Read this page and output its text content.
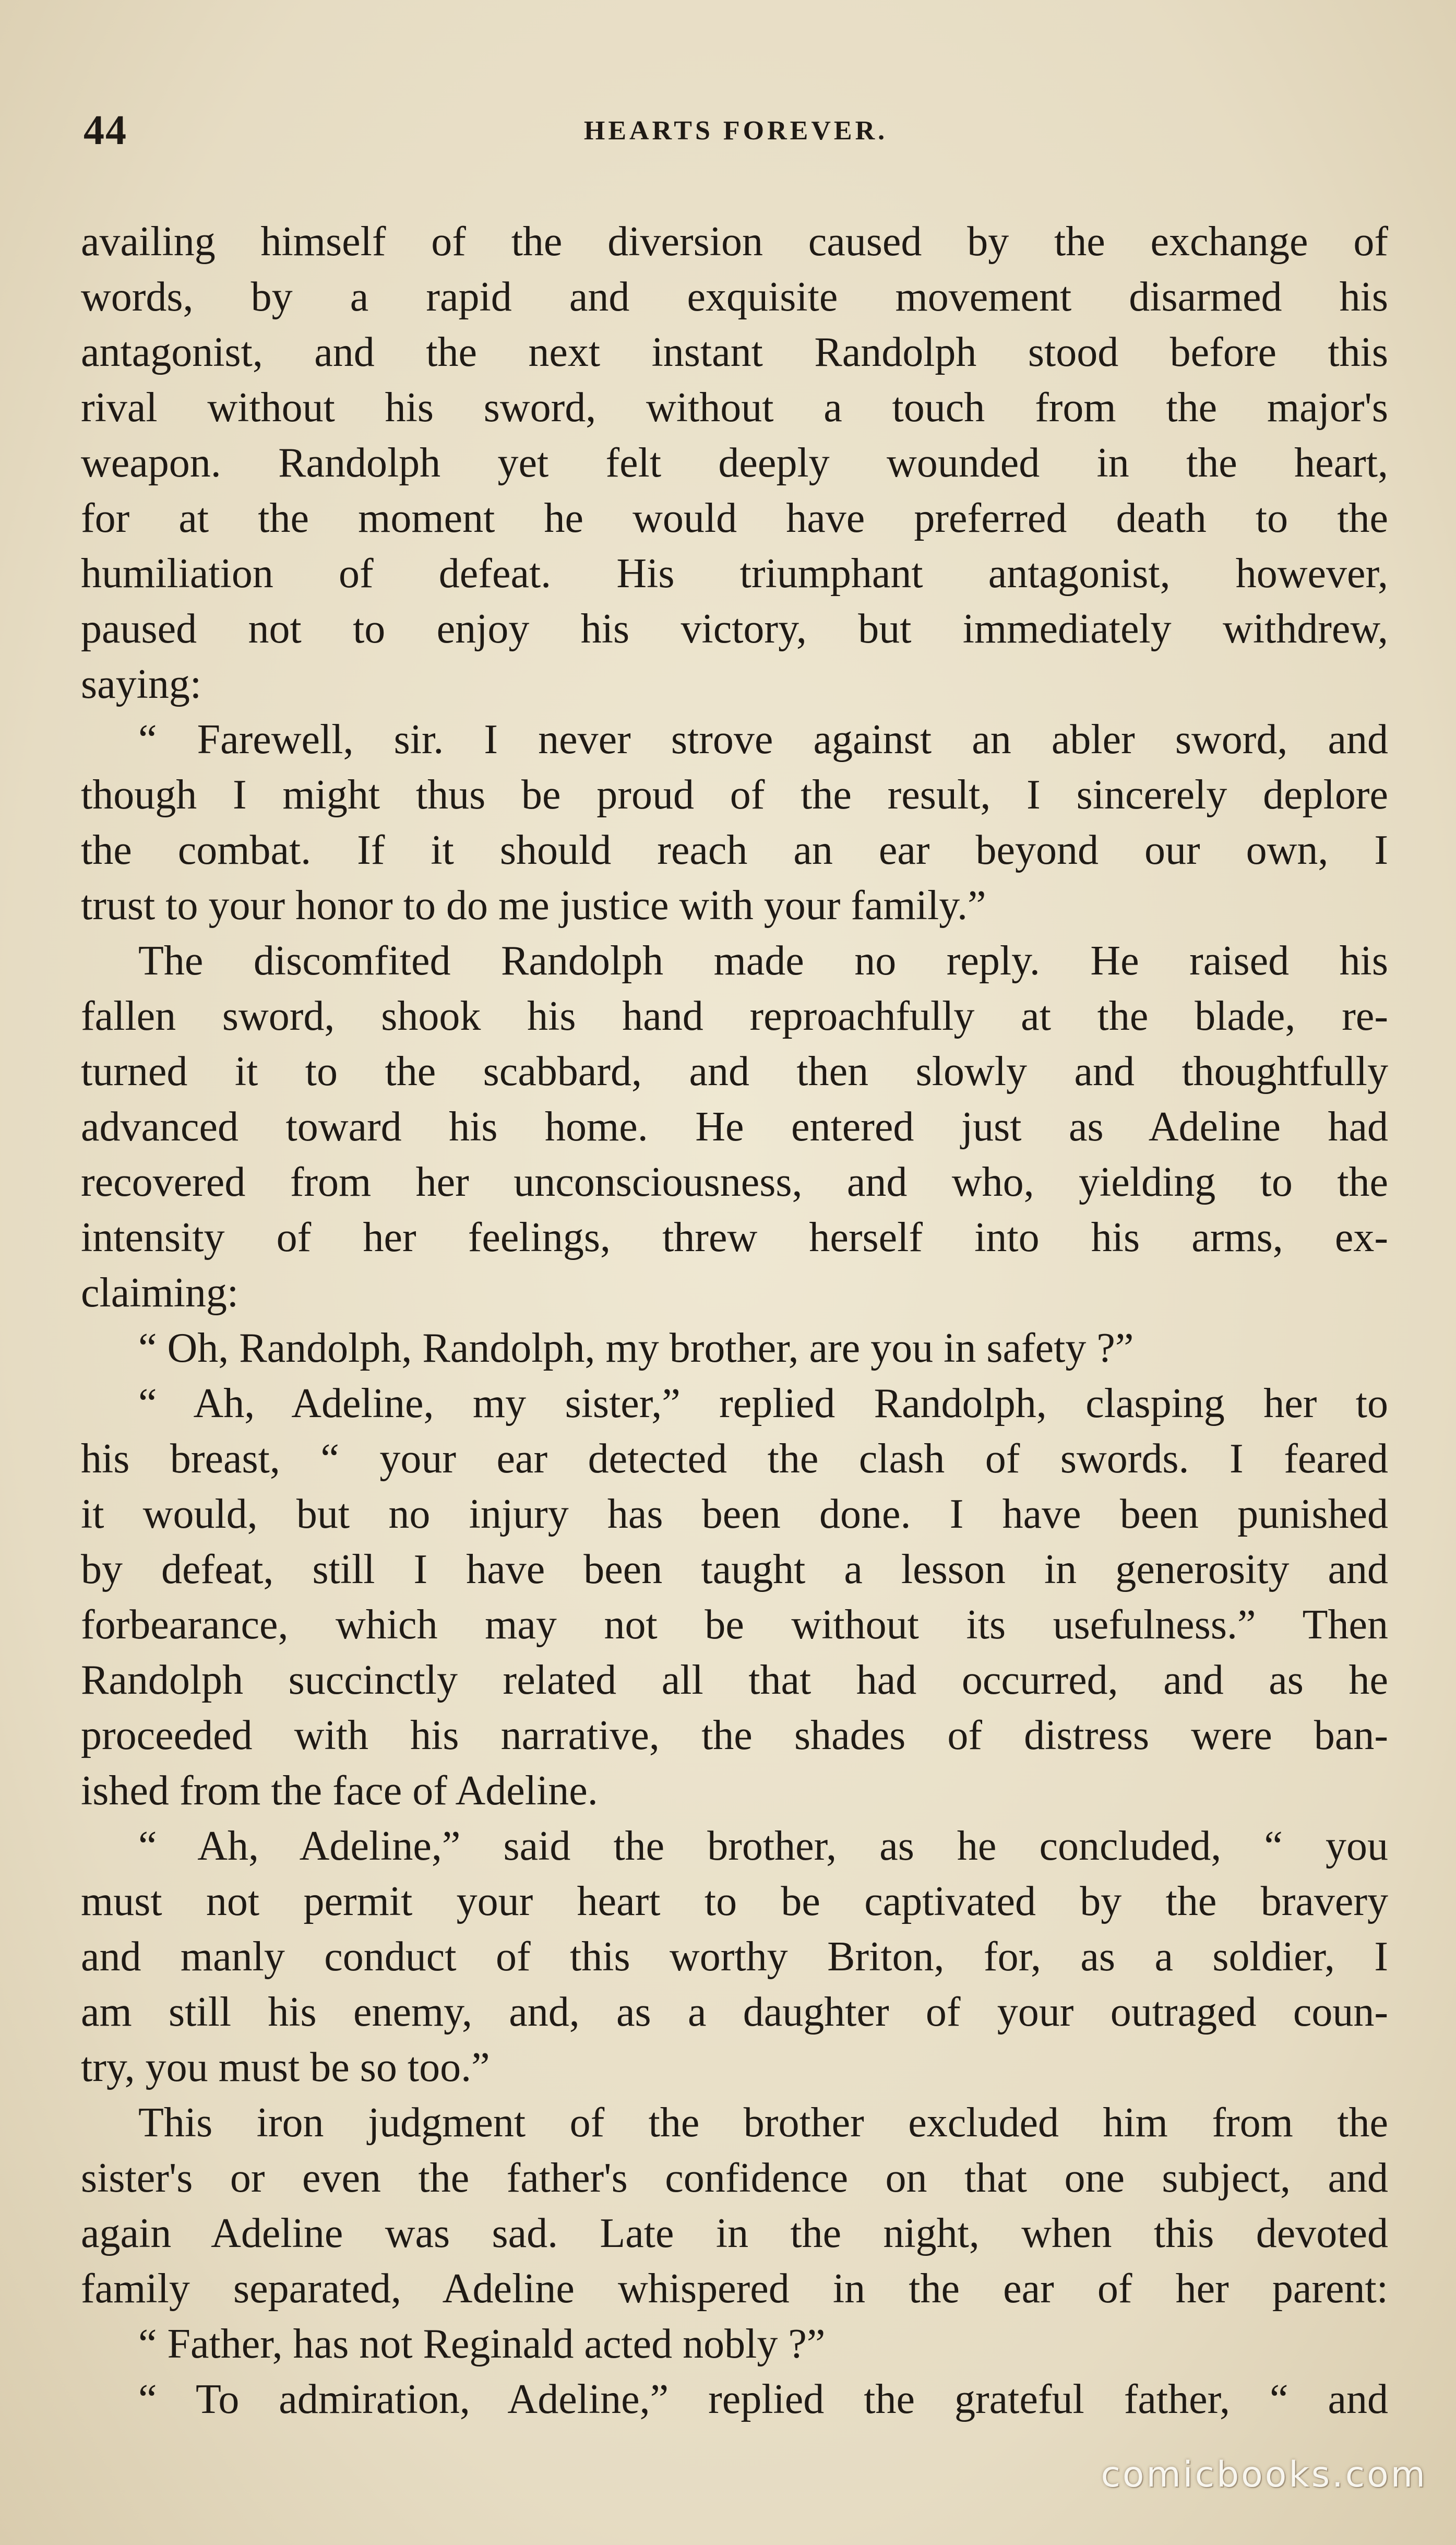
44	HEARTS FOREVER.
availing himself of the diversion caused by the exchange of
words, by a rapid and exquisite movement disarmed his
antagonist, and the next instant Randolph stood before this
rival without his sword, without a touch from the major's
weapon. Randolph yet felt deeply wounded in the heart,
for at the moment he would have preferred death to the
humiliation of defeat. His triumphant antagonist, however,
paused not to enjoy his victory, but immediately withdrew,
saying:
“ Farewell, sir. I never strove against an abler sword, and
though I might thus be proud of the result, I sincerely deplore
the combat. If it should reach an ear beyond our own, I
trust to your honor to do me justice with your family.”
The discomfited Randolph made no reply. He raised his
fallen sword, shook his hand reproachfully at the blade, re-
turned it to the scabbard, and then slowly and thoughtfully
advanced toward his home. He entered just as Adeline had
recovered from her unconsciousness, and who, yielding to the
intensity of her feelings, threw herself into his arms, ex-
claiming:
“ Oh, Randolph, Randolph, my brother, are you in safety ?”
“ Ah, Adeline, my sister,” replied Randolph, clasping her to
his breast, “ your ear detected the clash of swords. I feared
it would, but no injury has been done. I have been punished
by defeat, still I have been taught a lesson in generosity and
forbearance, which may not be without its usefulness.” Then
Randolph succinctly related all that had occurred, and as he
proceeded with his narrative, the shades of distress were ban-
ished from the face of Adeline.
“ Ah, Adeline,” said the brother, as he concluded, “ you
must not permit your heart to be captivated by the bravery
and manly conduct of this worthy Briton, for, as a soldier, I
am still his enemy, and, as a daughter of your outraged coun-
try, you must be so too.”
This iron judgment of the brother excluded him from the
sister's or even the father's confidence on that one subject, and
again Adeline was sad. Late in the night, when this devoted
family separated, Adeline whispered in the ear of her parent:
“ Father, has not Reginald acted nobly ?”
“ To admiration, Adeline,” replied the grateful father, “ and
comicbooks.com
